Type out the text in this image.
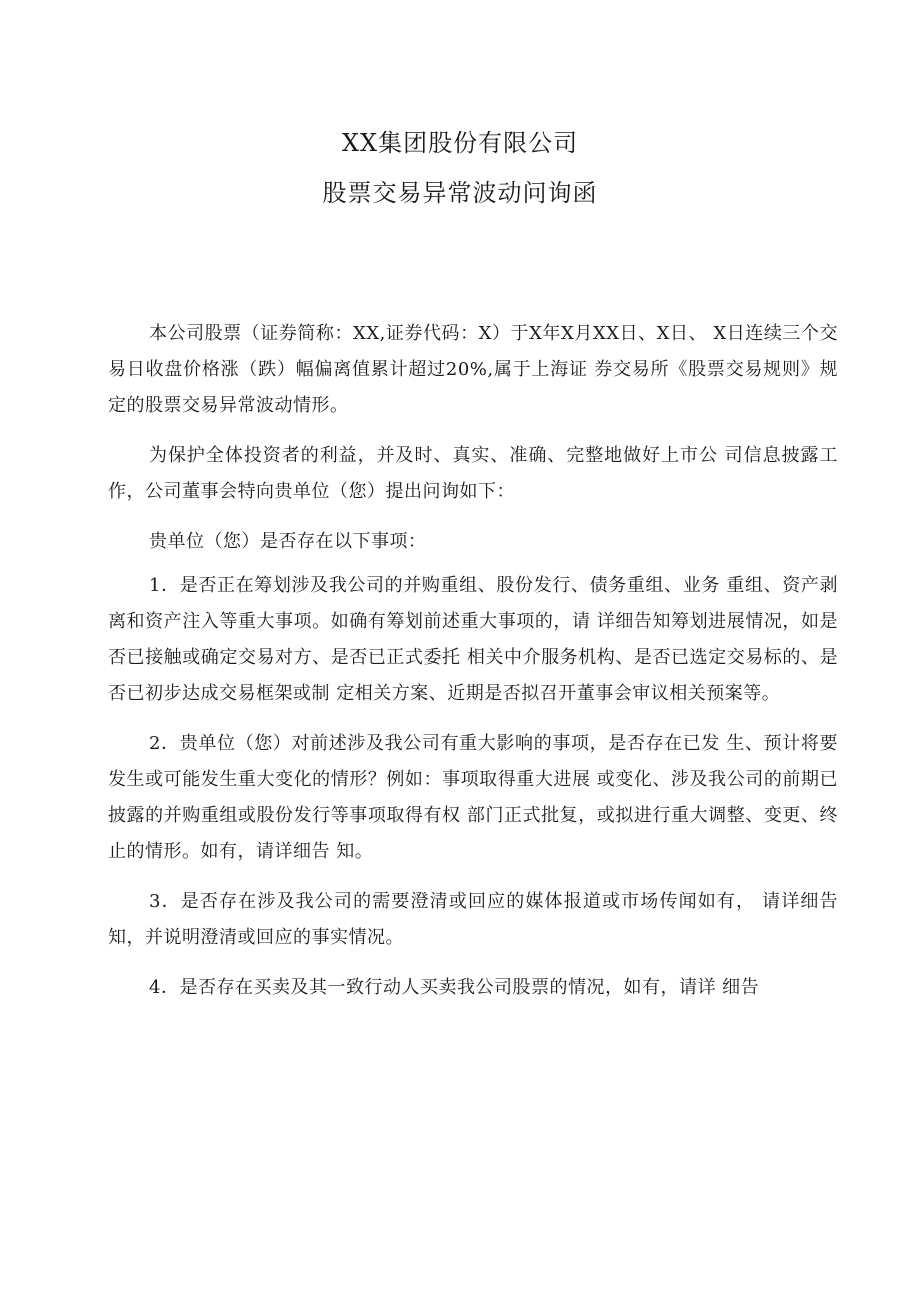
XX集团股份有限公司
股票交易异常波动问询函

本公司股票（证券简称：XX,证券代码：X）于X年X月XX日、X日、 X日连续三个交易日收盘价格涨（跌）幅偏离值累计超过20%,属于上海证 券交易所《股票交易规则》规定的股票交易异常波动情形。

为保护全体投资者的利益，并及时、真实、准确、完整地做好上市公 司信息披露工作，公司董事会特向贵单位（您）提出问询如下：

贵单位（您）是否存在以下事项：

1．是否正在筹划涉及我公司的并购重组、股份发行、债务重组、业务 重组、资产剥离和资产注入等重大事项。如确有筹划前述重大事项的，请 详细告知筹划进展情况，如是否已接触或确定交易对方、是否已正式委托 相关中介服务机构、是否已选定交易标的、是否已初步达成交易框架或制 定相关方案、近期是否拟召开董事会审议相关预案等。

2．贵单位（您）对前述涉及我公司有重大影响的事项，是否存在已发 生、预计将要发生或可能发生重大变化的情形？例如：事项取得重大进展 或变化、涉及我公司的前期已披露的并购重组或股份发行等事项取得有权 部门正式批复，或拟进行重大调整、变更、终止的情形。如有，请详细告 知。

3．是否存在涉及我公司的需要澄清或回应的媒体报道或市场传闻如有， 请详细告知，并说明澄清或回应的事实情况。

4．是否存在买卖及其一致行动人买卖我公司股票的情况，如有，请详 细告
